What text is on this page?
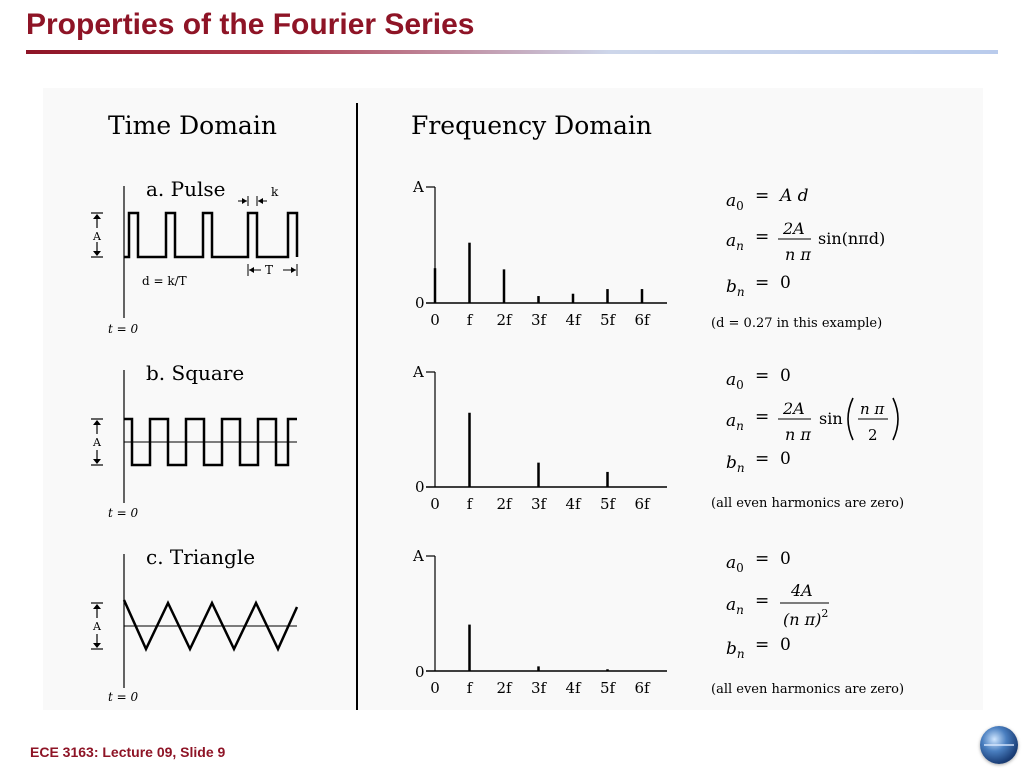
Properties of the Fourier Series
Time Domain	Frequency Domain
a. Pulse
A
k
T
d = k/T
t = 0
A
0
0 f 2f 3f 4f 5f 6f
$a_0 = A$ d
$a_n = 2A$
n π
sin(nπd)
$b_n = 0$
(d = 0.27 in this example)
b. Square
A
t = 0
A
0
0 f 2f 3f 4f 5f 6f
$a_0 = 0$
$a_n = 2A$
n π
sin n π
2
$b_n = 0$
(all even harmonics are zero)
c. Triangle
A
t = 0
A
0
0 f 2f 3f 4f 5f 6f
$a_0 = 0$
$a_n$ =
4A
(n π)$^2$
$b_n = 0$
(all even harmonics are zero)
ECE 3163: Lecture 09, Slide 9
